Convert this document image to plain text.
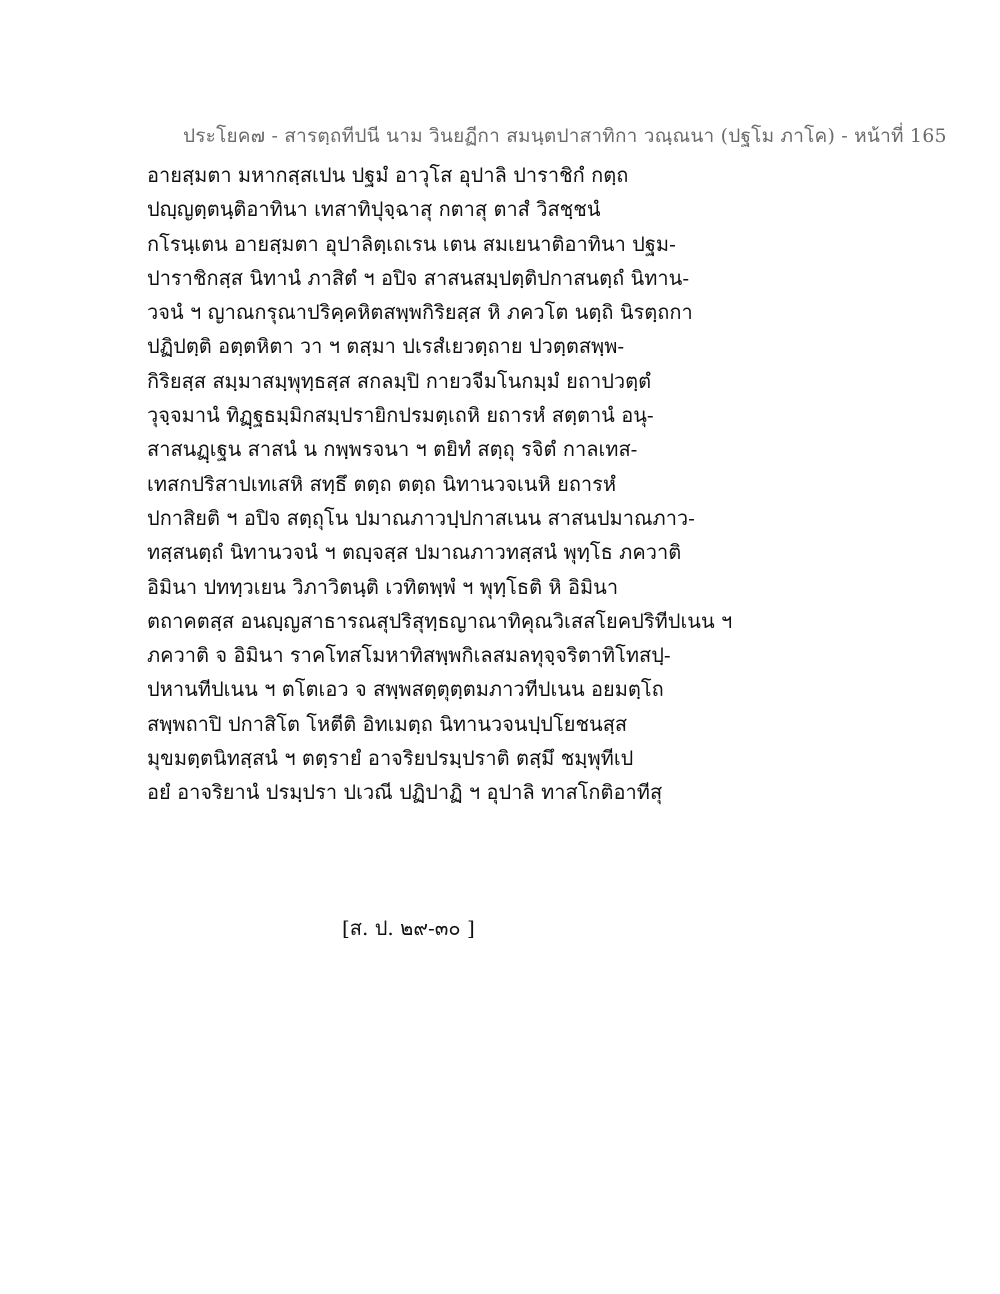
ประโยค๗ - สารตฺถทีปนี นาม วินยฏีกา สมนฺตปาสาทิกา วณฺณนา (ปฐโม ภาโค) - หน้าที่ 165
อายสฺมตา มหากสฺสเปน ปฐมํ อาวุโส อุปาลิ ปาราชิกํ กตฺถ
ปญฺญตฺตนฺติอาทินา เทสาทิปุจฺฉาสุ กตาสุ ตาสํ วิสชฺชนํ
กโรนฺเตน อายสฺมตา อุปาลิตฺเถเรน เตน สมเยนาติอาทินา ปฐม-
ปาราชิกสฺส นิทานํ ภาสิตํ ฯ อปิจ สาสนสมฺปตฺติปกาสนตฺถํ นิทาน-
วจนํ ฯ ญาณกรุณาปริคฺคหิตสพฺพกิริยสฺส หิ ภควโต นตฺถิ นิรตฺถกา
ปฏิปตฺติ อตฺตหิตา วา ฯ ตสฺมา ปเรสํเยวตฺถาย ปวตฺตสพฺพ-
กิริยสฺส สมฺมาสมฺพุทฺธสฺส สกลมฺปิ กายวจีมโนกมฺมํ ยถาปวตฺตํ
วุจฺจมานํ ทิฏฺฐธมฺมิกสมฺปรายิกปรมตฺเถหิ ยถารหํ สตฺตานํ อนุ-
สาสนฏฺเฐน สาสนํ น กพฺพรจนา ฯ ตยิทํ สตฺถุ รจิตํ กาลเทส-
เทสกปริสาปเทเสหิ สทฺธึ ตตฺถ ตตฺถ นิทานวจเนหิ ยถารหํ
ปกาสิยติ ฯ อปิจ สตฺถุโน ปมาณภาวปฺปกาสเนน สาสนปมาณภาว-
ทสฺสนตฺถํ นิทานวจนํ ฯ ตญฺจสฺส ปมาณภาวทสฺสนํ พุทฺโธ ภควาติ
อิมินา ปททฺวเยน วิภาวิตนฺติ เวทิตพฺพํ ฯ พุทฺโธติ หิ อิมินา
ตถาคตสฺส อนญฺญสาธารณสุปริสุทฺธญาณาทิคุณวิเสสโยคปริทีปเนน ฯ
ภควาติ จ อิมินา ราคโทสโมหาทิสพฺพกิเลสมลทุจฺจริตาทิโทสปฺ-
ปหานทีปเนน ฯ ตโตเอว จ สพฺพสตฺตุตฺตมภาวทีปเนน อยมตฺโถ
สพฺพถาปิ ปกาสิโต โหตีติ อิทเมตฺถ นิทานวจนปฺปโยชนสฺส
มุขมตฺตนิทสฺสนํ ฯ ตตฺรายํ อาจริยปรมฺปราติ ตสฺมึ ชมฺพุทีเป
อยํ อาจริยานํ ปรมฺปรา ปเวณี ปฏิปาฏิ ฯ อุปาลิ ทาสโกติอาทีสุ
[ส. ป. ๒๙-๓๐ ]
